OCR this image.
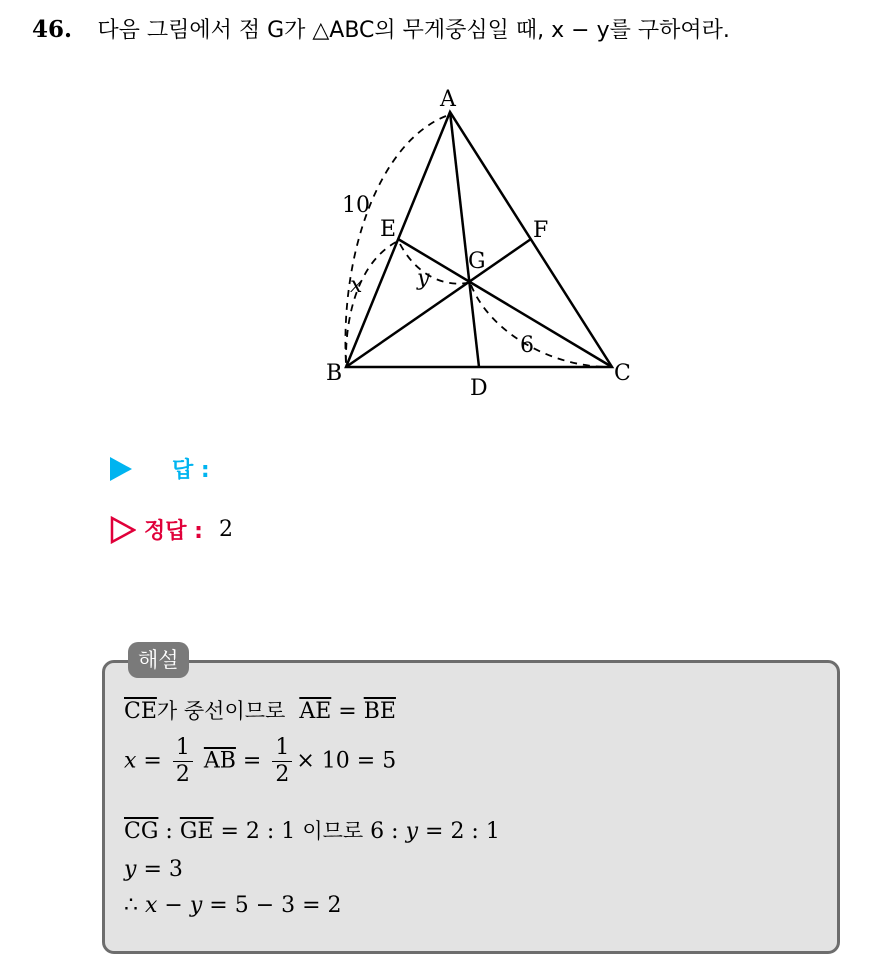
46. 다음 그림에서 점 G가 △ABC의 무게중심일 때, x − y를 구하여라.
A
B	C
D
E	F
G
10
x y
6
답 :
정답 : 2
해설
$\overline{CE}$가 중선이므로 $\overline{AE} = \overline{BE}$
$x = \frac{1}{2} \overline{AB} = \frac{1}{2} \times 10 = 5$
$\overline{CG}$ : $\overline{GE} = 2$ : 1 이므로 6 : y = 2 : 1
y = 3
∴ x − y = 5 − 3 = 2
